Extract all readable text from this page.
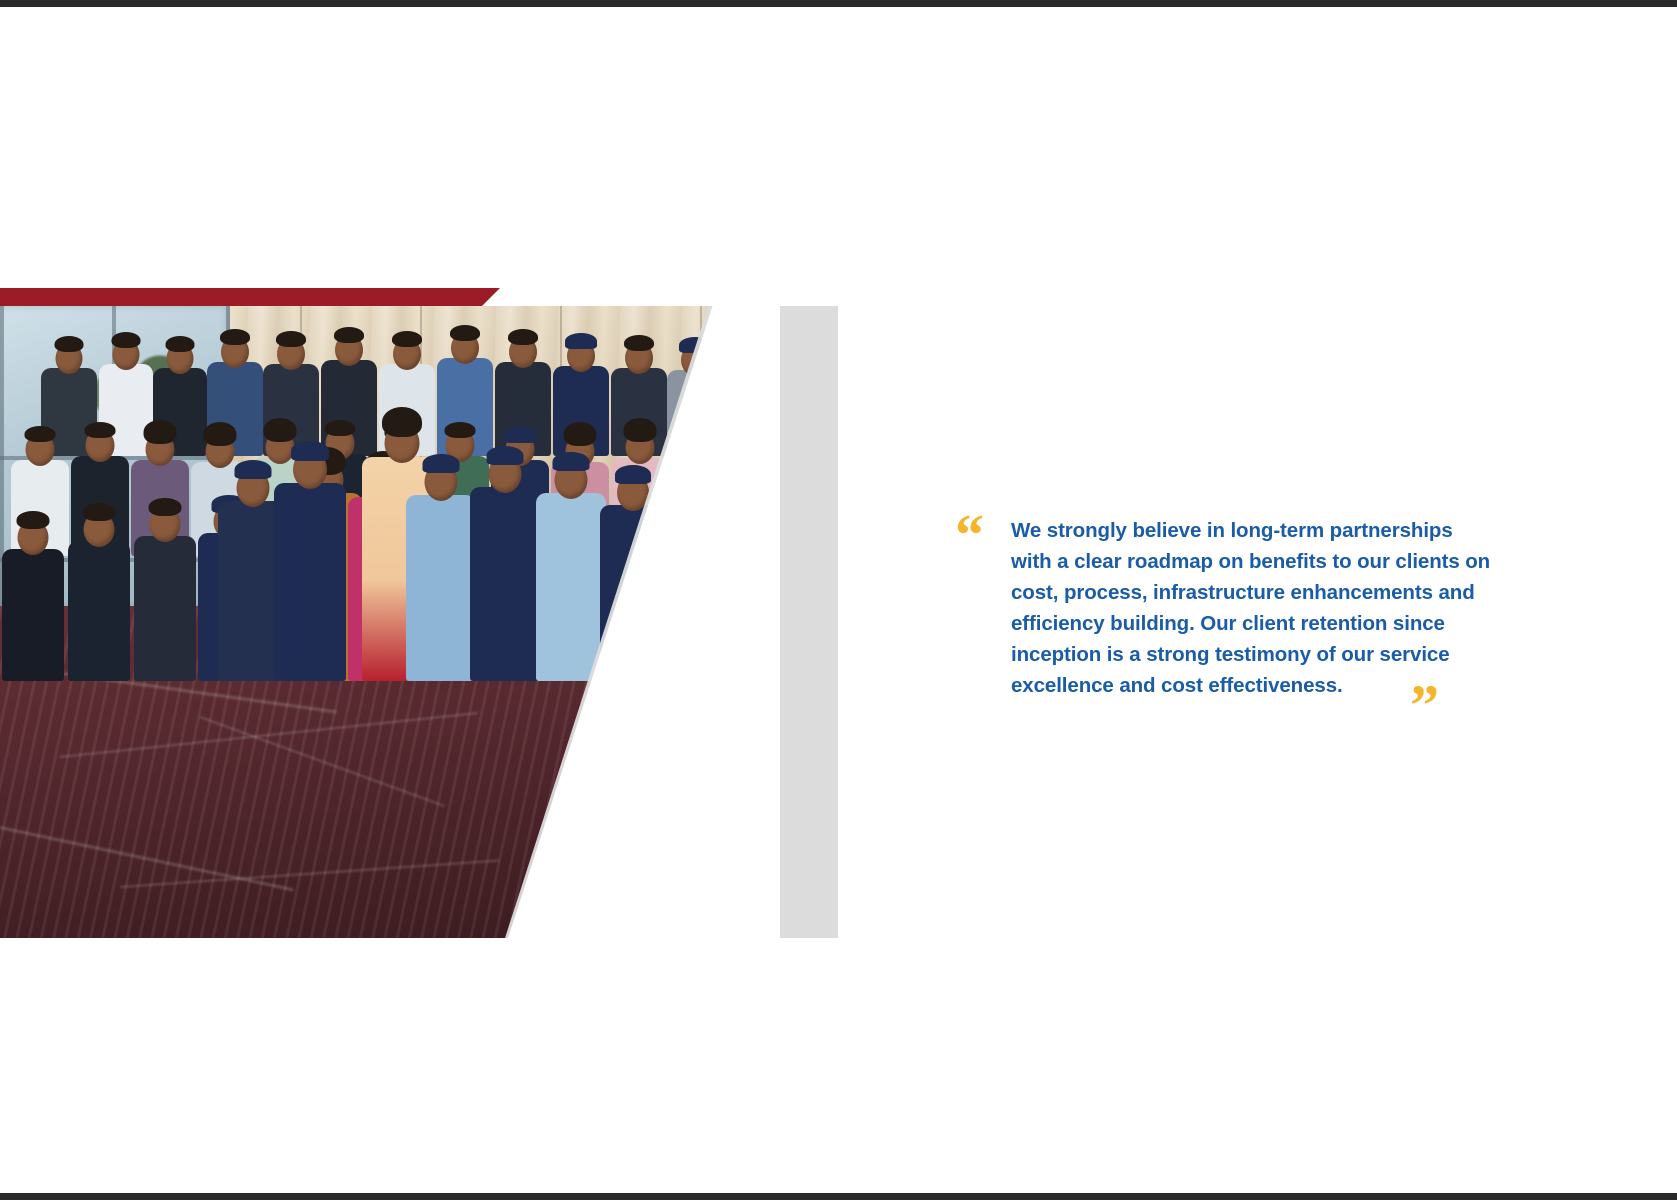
“ We strongly believe in long-term partnerships with a clear roadmap on benefits to our clients on cost, process, infrastructure enhancements and efficiency building. Our client retention since inception is a strong testimony of our service excellence and cost effectiveness.	”
